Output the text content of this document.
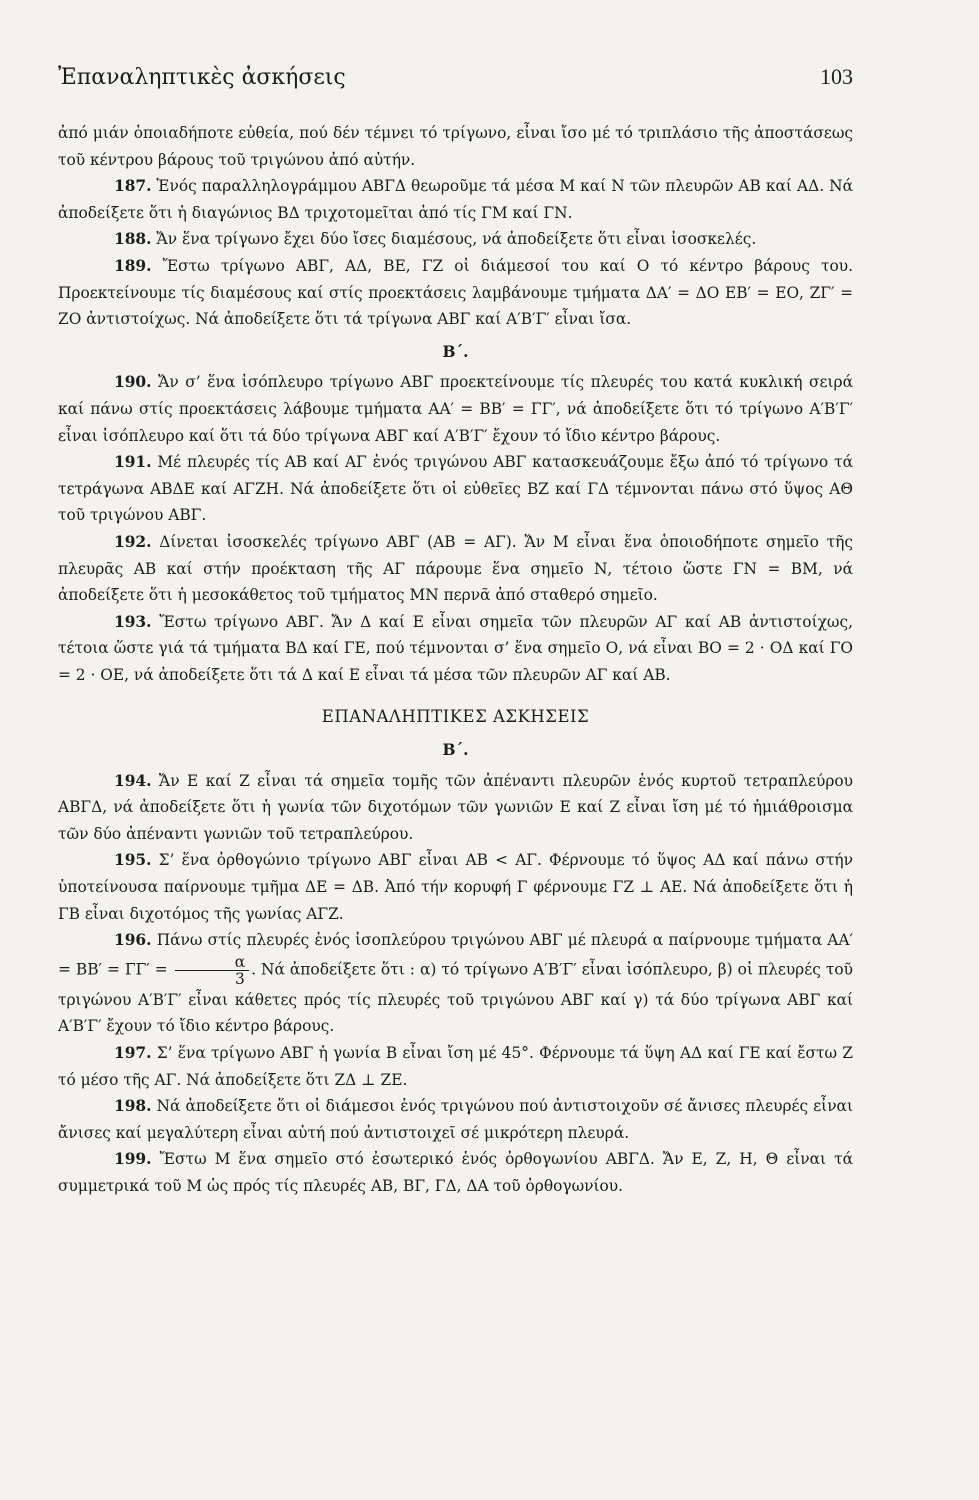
Ἐπαναληπτικὲς ἀσκήσεις	103

ἀπό μιάν ὁποιαδήποτε εὐθεία, πού δέν τέμνει τό τρίγωνο, εἶναι ἴσο μέ τό τριπλάσιο τῆς ἀποστάσεως τοῦ κέντρου βάρους τοῦ τριγώνου ἀπό αὐτήν.

187. Ἑνός παραλληλογράμμου ΑΒΓΔ θεωροῦμε τά μέσα Μ καί Ν τῶν πλευρῶν ΑΒ καί ΑΔ. Νά ἀποδείξετε ὅτι ἡ διαγώνιος ΒΔ τριχοτομεῖται ἀπό τίς ΓΜ καί ΓΝ.

188. Ἄν ἕνα τρίγωνο ἔχει δύο ἴσες διαμέσους, νά ἀποδείξετε ὅτι εἶναι ἰσοσκελές.

189. Ἔστω τρίγωνο ΑΒΓ, ΑΔ, ΒΕ, ΓΖ οἱ διάμεσοί του καί Ο τό κέντρο βάρους του. Προεκτείνουμε τίς διαμέσους καί στίς προεκτάσεις λαμβάνουμε τμήματα ΔΑ′ = ΔΟ ΕΒ′ = ΕΟ, ΖΓ′ = ΖΟ ἀντιστοίχως. Νά ἀποδείξετε ὅτι τά τρίγωνα ΑΒΓ καί Α′Β′Γ′ εἶναι ἴσα.

Β΄.

190. Ἄν σ’ ἕνα ἰσόπλευρο τρίγωνο ΑΒΓ προεκτείνουμε τίς πλευρές του κατά κυκλική σειρά καί πάνω στίς προεκτάσεις λάβουμε τμήματα ΑΑ′ = ΒΒ′ = ΓΓ′, νά ἀποδείξετε ὅτι τό τρίγωνο Α′Β′Γ′ εἶναι ἰσόπλευρο καί ὅτι τά δύο τρίγωνα ΑΒΓ καί Α′Β′Γ′ ἔχουν τό ἴδιο κέντρο βάρους.

191. Μέ πλευρές τίς ΑΒ καί ΑΓ ἑνός τριγώνου ΑΒΓ κατασκευάζουμε ἔξω ἀπό τό τρίγωνο τά τετράγωνα ΑΒΔΕ καί ΑΓΖΗ. Νά ἀποδείξετε ὅτι οἱ εὐθεῖες ΒΖ καί ΓΔ τέμνονται πάνω στό ὕψος ΑΘ τοῦ τριγώνου ΑΒΓ.

192. Δίνεται ἰσοσκελές τρίγωνο ΑΒΓ (ΑΒ = ΑΓ). Ἄν Μ εἶναι ἕνα ὁποιοδήποτε σημεῖο τῆς πλευρᾶς ΑΒ καί στήν προέκταση τῆς ΑΓ πάρουμε ἕνα σημεῖο Ν, τέτοιο ὥστε ΓΝ = ΒΜ, νά ἀποδείξετε ὅτι ἡ μεσοκάθετος τοῦ τμήματος ΜΝ περνᾶ ἀπό σταθερό σημεῖο.

193. Ἔστω τρίγωνο ΑΒΓ. Ἄν Δ καί Ε εἶναι σημεῖα τῶν πλευρῶν ΑΓ καί ΑΒ ἀντιστοίχως, τέτοια ὥστε γιά τά τμήματα ΒΔ καί ΓΕ, πού τέμνονται σ’ ἕνα σημεῖο Ο, νά εἶναι ΒΟ = 2 · ΟΔ καί ΓΟ = 2 · ΟΕ, νά ἀποδείξετε ὅτι τά Δ καί Ε εἶναι τά μέσα τῶν πλευρῶν ΑΓ καί ΑΒ.

ΕΠΑΝΑΛΗΠΤΙΚΕΣ ΑΣΚΗΣΕΙΣ
Β΄.

194. Ἄν Ε καί Ζ εἶναι τά σημεῖα τομῆς τῶν ἀπέναντι πλευρῶν ἑνός κυρτοῦ τετραπλεύρου ΑΒΓΔ, νά ἀποδείξετε ὅτι ἡ γωνία τῶν διχοτόμων τῶν γωνιῶν Ε καί Ζ εἶναι ἴση μέ τό ἡμιάθροισμα τῶν δύο ἀπέναντι γωνιῶν τοῦ τετραπλεύρου.

195. Σ’ ἕνα ὀρθογώνιο τρίγωνο ΑΒΓ εἶναι ΑΒ < ΑΓ. Φέρνουμε τό ὕψος ΑΔ καί πάνω στήν ὑποτείνουσα παίρνουμε τμῆμα ΔΕ = ΔΒ. Ἀπό τήν κορυφή Γ φέρνουμε ΓΖ ⊥ ΑΕ. Νά ἀποδείξετε ὅτι ἡ ΓΒ εἶναι διχοτόμος τῆς γωνίας ΑΓΖ.

196. Πάνω στίς πλευρές ἑνός ἰσοπλεύρου τριγώνου ΑΒΓ μέ πλευρά α παίρνουμε τμήματα $AA' = BB' = \Gamma\Gamma' = \frac{\alpha}{3}$ . Νά ἀποδείξετε ὅτι : α) τό τρίγωνο Α′Β′Γ′ εἶναι ἰσόπλευρο, β) οἱ πλευρές τοῦ τριγώνου Α′Β′Γ′ εἶναι κάθετες πρός τίς πλευρές τοῦ τριγώνου ΑΒΓ καί γ) τά δύο τρίγωνα ΑΒΓ καί Α′Β′Γ′ ἔχουν τό ἴδιο κέντρο βάρους.

197. Σ’ ἕνα τρίγωνο ΑΒΓ ἡ γωνία Β εἶναι ἴση μέ 45°. Φέρνουμε τά ὕψη ΑΔ καί ΓΕ καί ἔστω Ζ τό μέσο τῆς ΑΓ. Νά ἀποδείξετε ὅτι ΖΔ ⊥ ΖΕ.

198. Νά ἀποδείξετε ὅτι οἱ διάμεσοι ἑνός τριγώνου πού ἀντιστοιχοῦν σέ ἄνισες πλευρές εἶναι ἄνισες καί μεγαλύτερη εἶναι αὐτή πού ἀντιστοιχεῖ σέ μικρότερη πλευρά.

199. Ἔστω Μ ἕνα σημεῖο στό ἐσωτερικό ἑνός ὀρθογωνίου ΑΒΓΔ. Ἄν Ε, Ζ, Η, Θ εἶναι τά συμμετρικά τοῦ Μ ὡς πρός τίς πλευρές ΑΒ, ΒΓ, ΓΔ, ΔΑ τοῦ ὀρθογωνίου.
